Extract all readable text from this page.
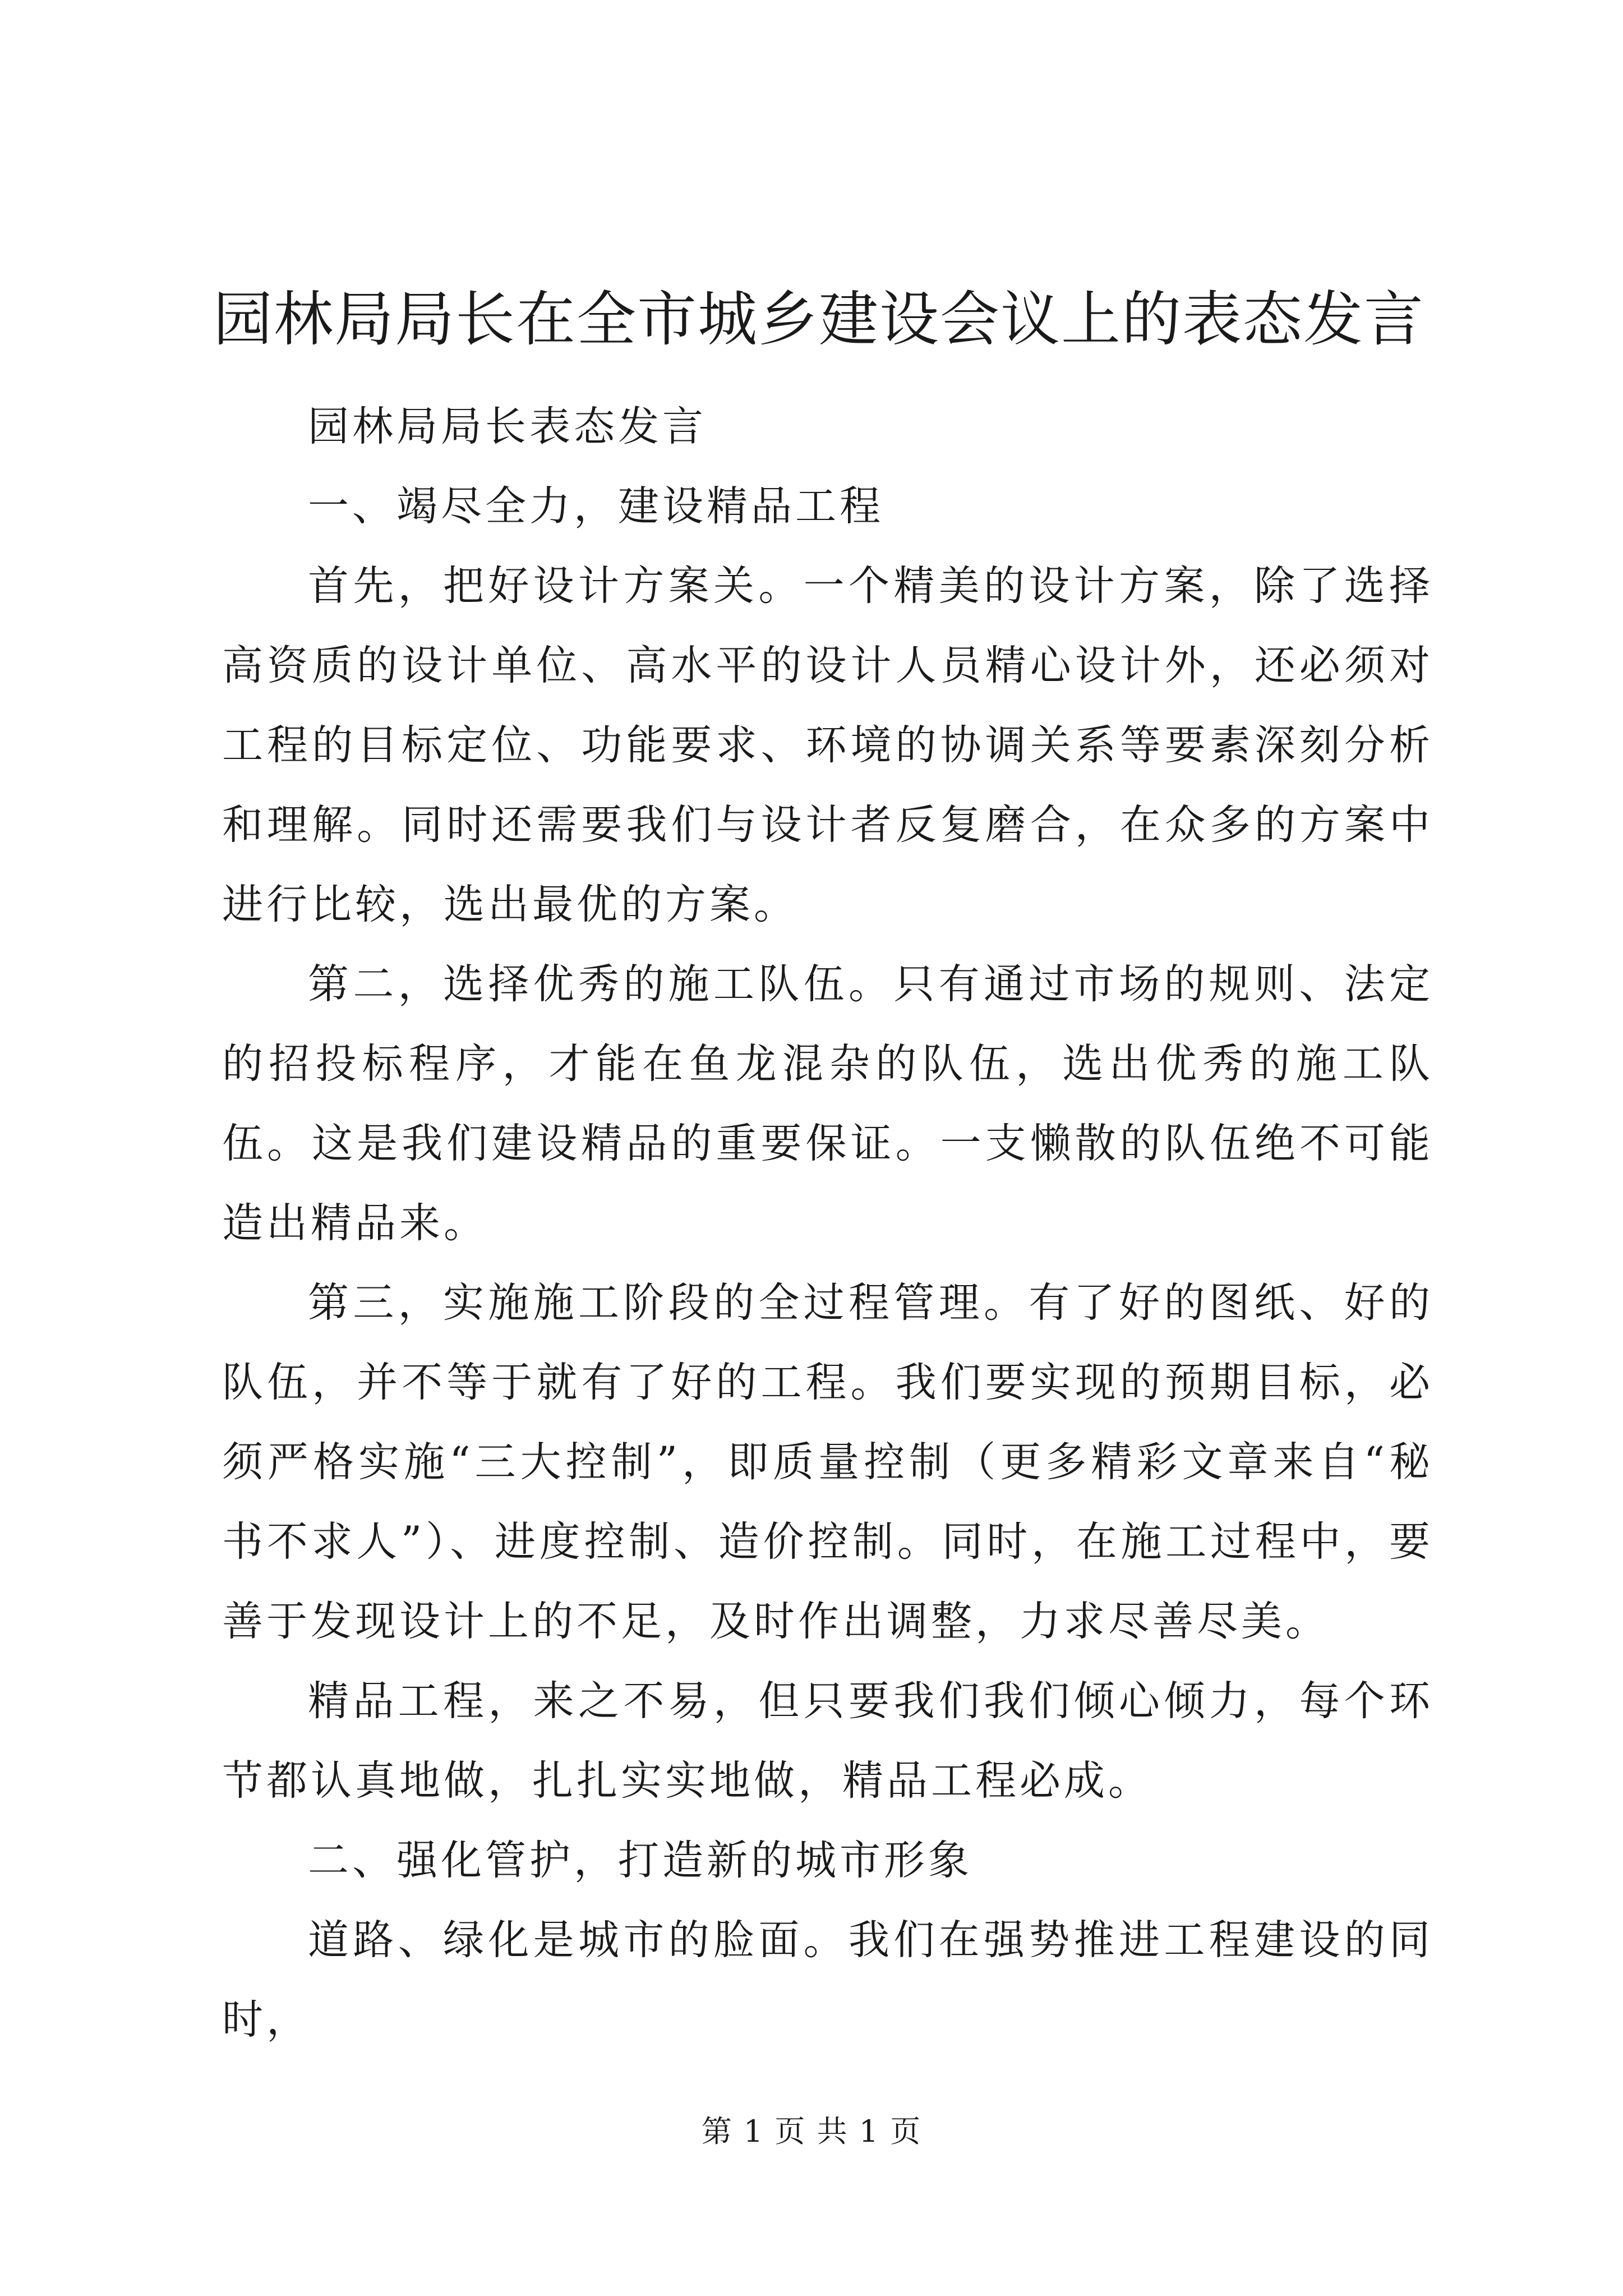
园林局局长在全市城乡建设会议上的表态发言

园林局局长表态发言

一、竭尽全力，建设精品工程

首先，把好设计方案关。一个精美的设计方案，除了选择高资质的设计单位、高水平的设计人员精心设计外，还必须对工程的目标定位、功能要求、环境的协调关系等要素深刻分析和理解。同时还需要我们与设计者反复磨合，在众多的方案中进行比较，选出最优的方案。

第二，选择优秀的施工队伍。只有通过市场的规则、法定的招投标程序，才能在鱼龙混杂的队伍，选出优秀的施工队伍。这是我们建设精品的重要保证。一支懒散的队伍绝不可能造出精品来。

第三，实施施工阶段的全过程管理。有了好的图纸、好的队伍，并不等于就有了好的工程。我们要实现的预期目标，必须严格实施“三大控制”，即质量控制（更多精彩文章来自“秘书不求人”）、进度控制、造价控制。同时，在施工过程中，要善于发现设计上的不足，及时作出调整，力求尽善尽美。

精品工程，来之不易，但只要我们我们倾心倾力，每个环节都认真地做，扎扎实实地做，精品工程必成。

二、强化管护，打造新的城市形象

道路、绿化是城市的脸面。我们在强势推进工程建设的同时，

第 1 页 共 1 页
